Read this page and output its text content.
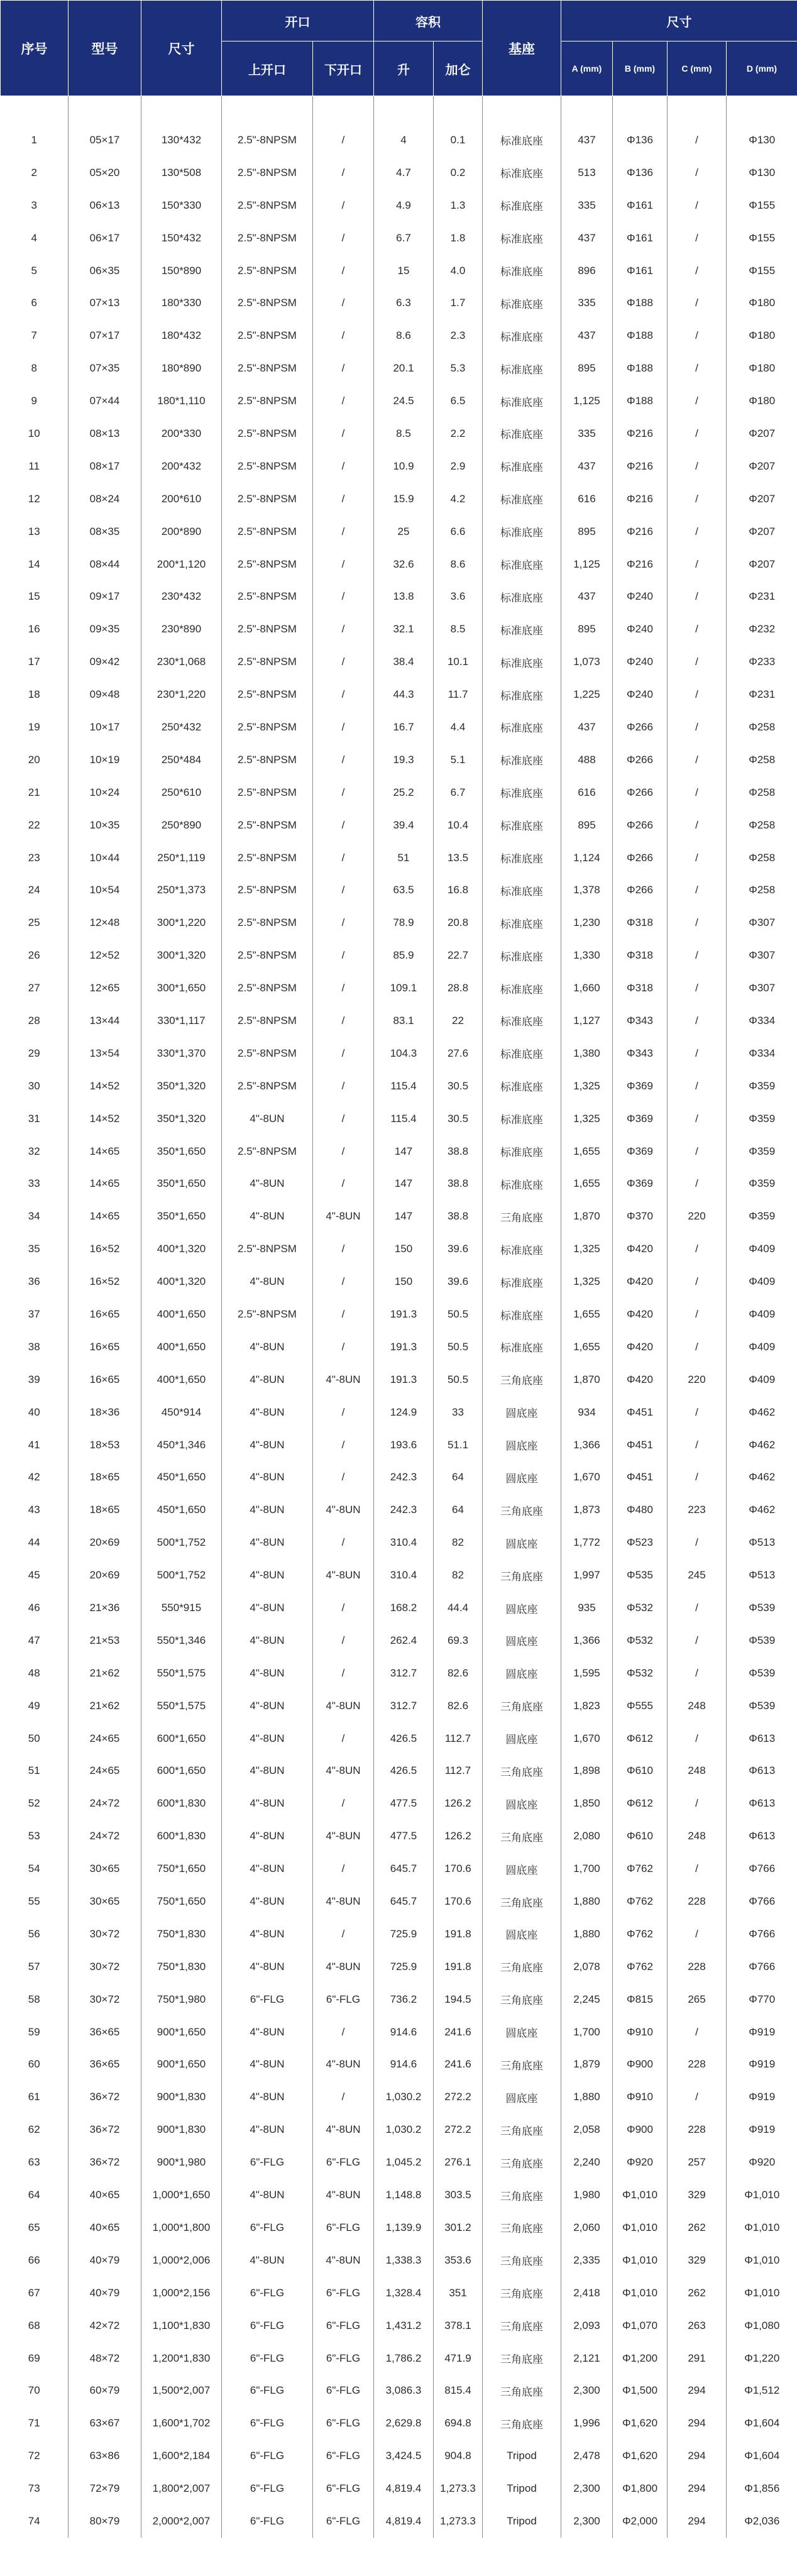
序号	型号	尺寸	开口		容积		基座	尺寸			
			上开口	下开口	升	加仑		A (mm)	B (mm)	C (mm)	D (mm)

1	05×17	130*432	2.5"-8NPSM	/	4	0.1	标准底座	437	Φ136	/	Φ130
2	05×20	130*508	2.5"-8NPSM	/	4.7	0.2	标准底座	513	Φ136	/	Φ130
3	06×13	150*330	2.5"-8NPSM	/	4.9	1.3	标准底座	335	Φ161	/	Φ155
4	06×17	150*432	2.5"-8NPSM	/	6.7	1.8	标准底座	437	Φ161	/	Φ155
5	06×35	150*890	2.5"-8NPSM	/	15	4.0	标准底座	896	Φ161	/	Φ155
6	07×13	180*330	2.5"-8NPSM	/	6.3	1.7	标准底座	335	Φ188	/	Φ180
7	07×17	180*432	2.5"-8NPSM	/	8.6	2.3	标准底座	437	Φ188	/	Φ180
8	07×35	180*890	2.5"-8NPSM	/	20.1	5.3	标准底座	895	Φ188	/	Φ180
9	07×44	180*1,110	2.5"-8NPSM	/	24.5	6.5	标准底座	1,125	Φ188	/	Φ180
10	08×13	200*330	2.5"-8NPSM	/	8.5	2.2	标准底座	335	Φ216	/	Φ207
11	08×17	200*432	2.5"-8NPSM	/	10.9	2.9	标准底座	437	Φ216	/	Φ207
12	08×24	200*610	2.5"-8NPSM	/	15.9	4.2	标准底座	616	Φ216	/	Φ207
13	08×35	200*890	2.5"-8NPSM	/	25	6.6	标准底座	895	Φ216	/	Φ207
14	08×44	200*1,120	2.5"-8NPSM	/	32.6	8.6	标准底座	1,125	Φ216	/	Φ207
15	09×17	230*432	2.5"-8NPSM	/	13.8	3.6	标准底座	437	Φ240	/	Φ231
16	09×35	230*890	2.5"-8NPSM	/	32.1	8.5	标准底座	895	Φ240	/	Φ232
17	09×42	230*1,068	2.5"-8NPSM	/	38.4	10.1	标准底座	1,073	Φ240	/	Φ233
18	09×48	230*1,220	2.5"-8NPSM	/	44.3	11.7	标准底座	1,225	Φ240	/	Φ231
19	10×17	250*432	2.5"-8NPSM	/	16.7	4.4	标准底座	437	Φ266	/	Φ258
20	10×19	250*484	2.5"-8NPSM	/	19.3	5.1	标准底座	488	Φ266	/	Φ258
21	10×24	250*610	2.5"-8NPSM	/	25.2	6.7	标准底座	616	Φ266	/	Φ258
22	10×35	250*890	2.5"-8NPSM	/	39.4	10.4	标准底座	895	Φ266	/	Φ258
23	10×44	250*1,119	2.5"-8NPSM	/	51	13.5	标准底座	1,124	Φ266	/	Φ258
24	10×54	250*1,373	2.5"-8NPSM	/	63.5	16.8	标准底座	1,378	Φ266	/	Φ258
25	12×48	300*1,220	2.5"-8NPSM	/	78.9	20.8	标准底座	1,230	Φ318	/	Φ307
26	12×52	300*1,320	2.5"-8NPSM	/	85.9	22.7	标准底座	1,330	Φ318	/	Φ307
27	12×65	300*1,650	2.5"-8NPSM	/	109.1	28.8	标准底座	1,660	Φ318	/	Φ307
28	13×44	330*1,117	2.5"-8NPSM	/	83.1	22	标准底座	1,127	Φ343	/	Φ334
29	13×54	330*1,370	2.5"-8NPSM	/	104.3	27.6	标准底座	1,380	Φ343	/	Φ334
30	14×52	350*1,320	2.5"-8NPSM	/	115.4	30.5	标准底座	1,325	Φ369	/	Φ359
31	14×52	350*1,320	4"-8UN	/	115.4	30.5	标准底座	1,325	Φ369	/	Φ359
32	14×65	350*1,650	2.5"-8NPSM	/	147	38.8	标准底座	1,655	Φ369	/	Φ359
33	14×65	350*1,650	4"-8UN	/	147	38.8	标准底座	1,655	Φ369	/	Φ359
34	14×65	350*1,650	4"-8UN	4"-8UN	147	38.8	三角底座	1,870	Φ370	220	Φ359
35	16×52	400*1,320	2.5"-8NPSM	/	150	39.6	标准底座	1,325	Φ420	/	Φ409
36	16×52	400*1,320	4"-8UN	/	150	39.6	标准底座	1,325	Φ420	/	Φ409
37	16×65	400*1,650	2.5"-8NPSM	/	191.3	50.5	标准底座	1,655	Φ420	/	Φ409
38	16×65	400*1,650	4"-8UN	/	191.3	50.5	标准底座	1,655	Φ420	/	Φ409
39	16×65	400*1,650	4"-8UN	4"-8UN	191.3	50.5	三角底座	1,870	Φ420	220	Φ409
40	18×36	450*914	4"-8UN	/	124.9	33	圆底座	934	Φ451	/	Φ462
41	18×53	450*1,346	4"-8UN	/	193.6	51.1	圆底座	1,366	Φ451	/	Φ462
42	18×65	450*1,650	4"-8UN	/	242.3	64	圆底座	1,670	Φ451	/	Φ462
43	18×65	450*1,650	4"-8UN	4"-8UN	242.3	64	三角底座	1,873	Φ480	223	Φ462
44	20×69	500*1,752	4"-8UN	/	310.4	82	圆底座	1,772	Φ523	/	Φ513
45	20×69	500*1,752	4"-8UN	4"-8UN	310.4	82	三角底座	1,997	Φ535	245	Φ513
46	21×36	550*915	4"-8UN	/	168.2	44.4	圆底座	935	Φ532	/	Φ539
47	21×53	550*1,346	4"-8UN	/	262.4	69.3	圆底座	1,366	Φ532	/	Φ539
48	21×62	550*1,575	4"-8UN	/	312.7	82.6	圆底座	1,595	Φ532	/	Φ539
49	21×62	550*1,575	4"-8UN	4"-8UN	312.7	82.6	三角底座	1,823	Φ555	248	Φ539
50	24×65	600*1,650	4"-8UN	/	426.5	112.7	圆底座	1,670	Φ612	/	Φ613
51	24×65	600*1,650	4"-8UN	4"-8UN	426.5	112.7	三角底座	1,898	Φ610	248	Φ613
52	24×72	600*1,830	4"-8UN	/	477.5	126.2	圆底座	1,850	Φ612	/	Φ613
53	24×72	600*1,830	4"-8UN	4"-8UN	477.5	126.2	三角底座	2,080	Φ610	248	Φ613
54	30×65	750*1,650	4"-8UN	/	645.7	170.6	圆底座	1,700	Φ762	/	Φ766
55	30×65	750*1,650	4"-8UN	4"-8UN	645.7	170.6	三角底座	1,880	Φ762	228	Φ766
56	30×72	750*1,830	4"-8UN	/	725.9	191.8	圆底座	1,880	Φ762	/	Φ766
57	30×72	750*1,830	4"-8UN	4"-8UN	725.9	191.8	三角底座	2,078	Φ762	228	Φ766
58	30×72	750*1,980	6"-FLG	6"-FLG	736.2	194.5	三角底座	2,245	Φ815	265	Φ770
59	36×65	900*1,650	4"-8UN	/	914.6	241.6	圆底座	1,700	Φ910	/	Φ919
60	36×65	900*1,650	4"-8UN	4"-8UN	914.6	241.6	三角底座	1,879	Φ900	228	Φ919
61	36×72	900*1,830	4"-8UN	/	1,030.2	272.2	圆底座	1,880	Φ910	/	Φ919
62	36×72	900*1,830	4"-8UN	4"-8UN	1,030.2	272.2	三角底座	2,058	Φ900	228	Φ919
63	36×72	900*1,980	6"-FLG	6"-FLG	1,045.2	276.1	三角底座	2,240	Φ920	257	Φ920
64	40×65	1,000*1,650	4"-8UN	4"-8UN	1,148.8	303.5	三角底座	1,980	Φ1,010	329	Φ1,010
65	40×65	1,000*1,800	6"-FLG	6"-FLG	1,139.9	301.2	三角底座	2,060	Φ1,010	262	Φ1,010
66	40×79	1,000*2,006	4"-8UN	4"-8UN	1,338.3	353.6	三角底座	2,335	Φ1,010	329	Φ1,010
67	40×79	1,000*2,156	6"-FLG	6"-FLG	1,328.4	351	三角底座	2,418	Φ1,010	262	Φ1,010
68	42×72	1,100*1,830	6"-FLG	6"-FLG	1,431.2	378.1	三角底座	2,093	Φ1,070	263	Φ1,080
69	48×72	1,200*1,830	6"-FLG	6"-FLG	1,786.2	471.9	三角底座	2,121	Φ1,200	291	Φ1,220
70	60×79	1,500*2,007	6"-FLG	6"-FLG	3,086.3	815.4	三角底座	2,300	Φ1,500	294	Φ1,512
71	63×67	1,600*1,702	6"-FLG	6"-FLG	2,629.8	694.8	三角底座	1,996	Φ1,620	294	Φ1,604
72	63×86	1,600*2,184	6"-FLG	6"-FLG	3,424.5	904.8	Tripod	2,478	Φ1,620	294	Φ1,604
73	72×79	1,800*2,007	6"-FLG	6"-FLG	4,819.4	1,273.3	Tripod	2,300	Φ1,800	294	Φ1,856
74	80×79	2,000*2,007	6"-FLG	6"-FLG	4,819.4	1,273.3	Tripod	2,300	Φ2,000	294	Φ2,036
